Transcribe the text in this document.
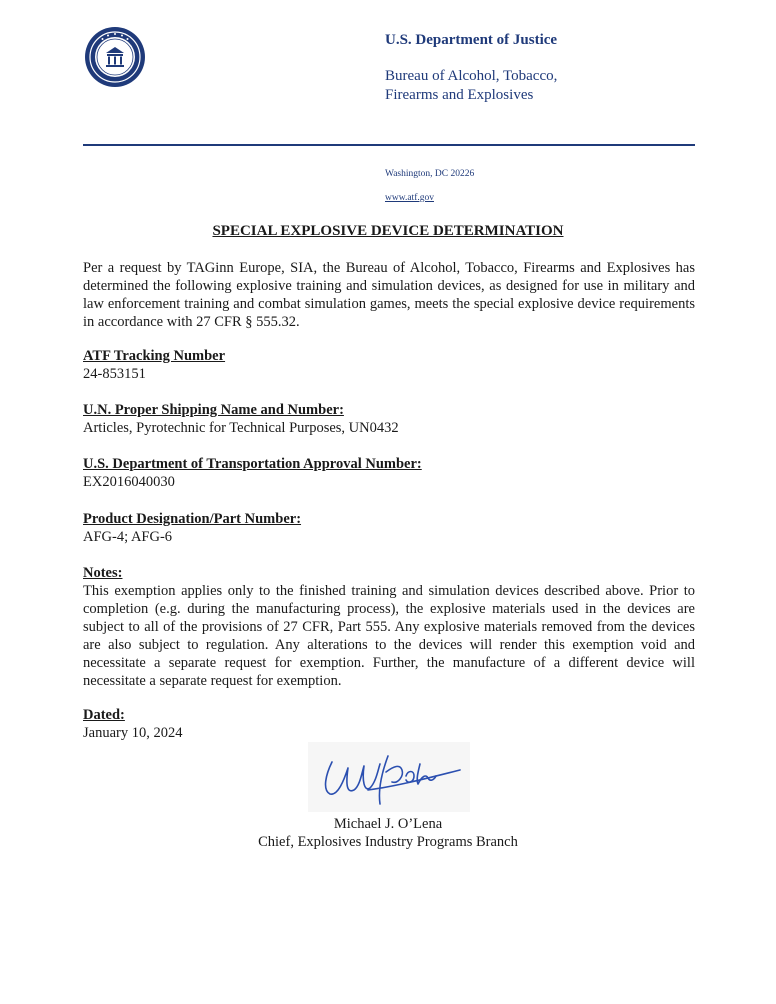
U.S. Department of Justice
Bureau of Alcohol, Tobacco,
Firearms and Explosives
Washington, DC 20226
www.atf.gov
SPECIAL EXPLOSIVE DEVICE DETERMINATION
Per a request by TAGinn Europe, SIA, the Bureau of Alcohol, Tobacco, Firearms and Explosives has determined the following explosive training and simulation devices, as designed for use in military and law enforcement training and combat simulation games, meets the special explosive device requirements in accordance with 27 CFR § 555.32.
ATF Tracking Number
24-853151
U.N. Proper Shipping Name and Number:
Articles, Pyrotechnic for Technical Purposes, UN0432
U.S. Department of Transportation Approval Number:
EX2016040030
Product Designation/Part Number:
AFG-4; AFG-6
Notes:
This exemption applies only to the finished training and simulation devices described above. Prior to completion (e.g. during the manufacturing process), the explosive materials used in the devices are subject to all of the provisions of 27 CFR, Part 555. Any explosive materials removed from the devices are also subject to regulation. Any alterations to the devices will render this exemption void and necessitate a separate request for exemption. Further, the manufacture of a different device will necessitate a separate request for exemption.
Dated:
January 10, 2024
Michael J. O’Lena
Chief, Explosives Industry Programs Branch
